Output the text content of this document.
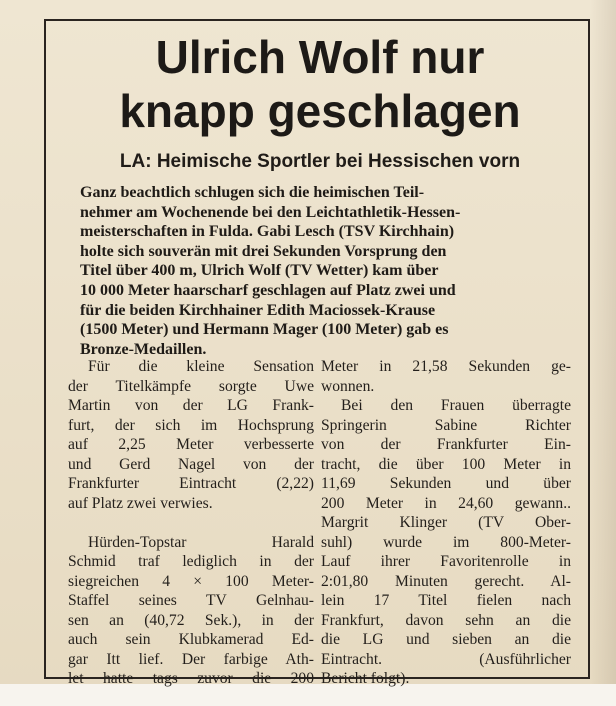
Ulrich Wolf nur
knapp geschlagen
LA: Heimische Sportler bei Hessischen vorn
Ganz beachtlich schlugen sich die heimischen Teil-
nehmer am Wochenende bei den Leichtathletik-Hessen-
meisterschaften in Fulda. Gabi Lesch (TSV Kirchhain)
holte sich souverän mit drei Sekunden Vorsprung den
Titel über 400 m, Ulrich Wolf (TV Wetter) kam über
10 000 Meter haarscharf geschlagen auf Platz zwei und
für die beiden Kirchhainer Edith Maciossek-Krause
(1500 Meter) und Hermann Mager (100 Meter) gab es
Bronze-Medaillen.
Für die kleine Sensation
der Titelkämpfe sorgte Uwe
Martin von der LG Frank-
furt, der sich im Hochsprung
auf 2,25 Meter verbesserte
und Gerd Nagel von der
Frankfurter Eintracht (2,22)
auf Platz zwei verwies.
Hürden-Topstar Harald
Schmid traf lediglich in der
siegreichen 4 × 100 Meter-
Staffel seines TV Gelnhau-
sen an (40,72 Sek.), in der
auch sein Klubkamerad Ed-
gar Itt lief. Der farbige Ath-
let hatte tags zuvor die 200
Meter in 21,58 Sekunden ge-
wonnen.
Bei den Frauen überragte
Springerin Sabine Richter
von der Frankfurter Ein-
tracht, die über 100 Meter in
11,69 Sekunden und über
200 Meter in 24,60 gewann..
Margrit Klinger (TV Ober-
suhl) wurde im 800-Meter-
Lauf ihrer Favoritenrolle in
2:01,80 Minuten gerecht. Al-
lein 17 Titel fielen nach
Frankfurt, davon sehn an die
die LG und sieben an die
Eintracht. (Ausführlicher
Bericht folgt).
